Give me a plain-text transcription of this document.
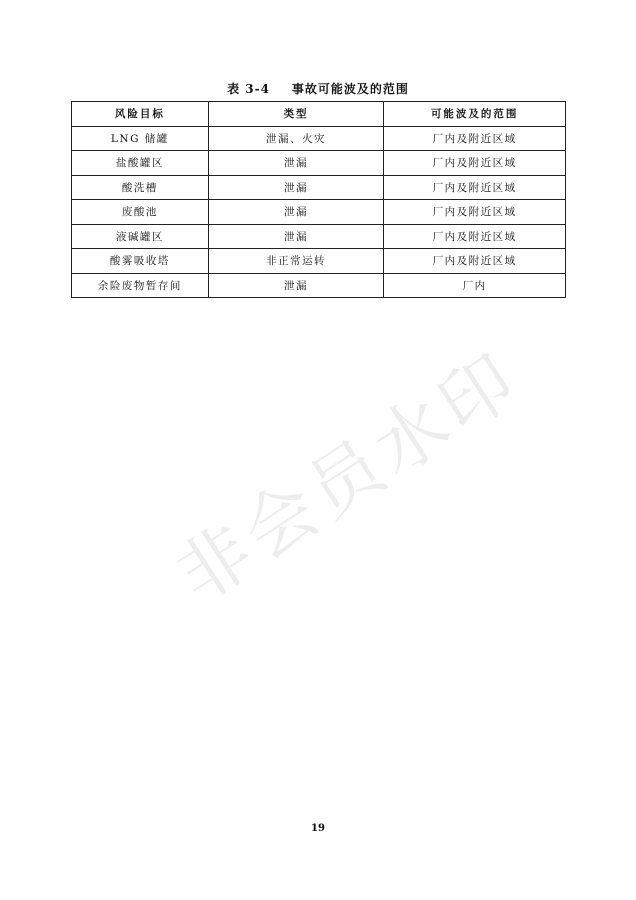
表 3-4 事故可能波及的范围
风险目标	类型	可能波及的范围
LNG 储罐	泄漏、火灾	厂内及附近区域
盐酸罐区	泄漏	厂内及附近区域
酸洗槽	泄漏	厂内及附近区域
废酸池	泄漏	厂内及附近区域
液碱罐区	泄漏	厂内及附近区域
酸雾吸收塔	非正常运转	厂内及附近区域
余险废物暂存间	泄漏	厂内
非会员水印
19
